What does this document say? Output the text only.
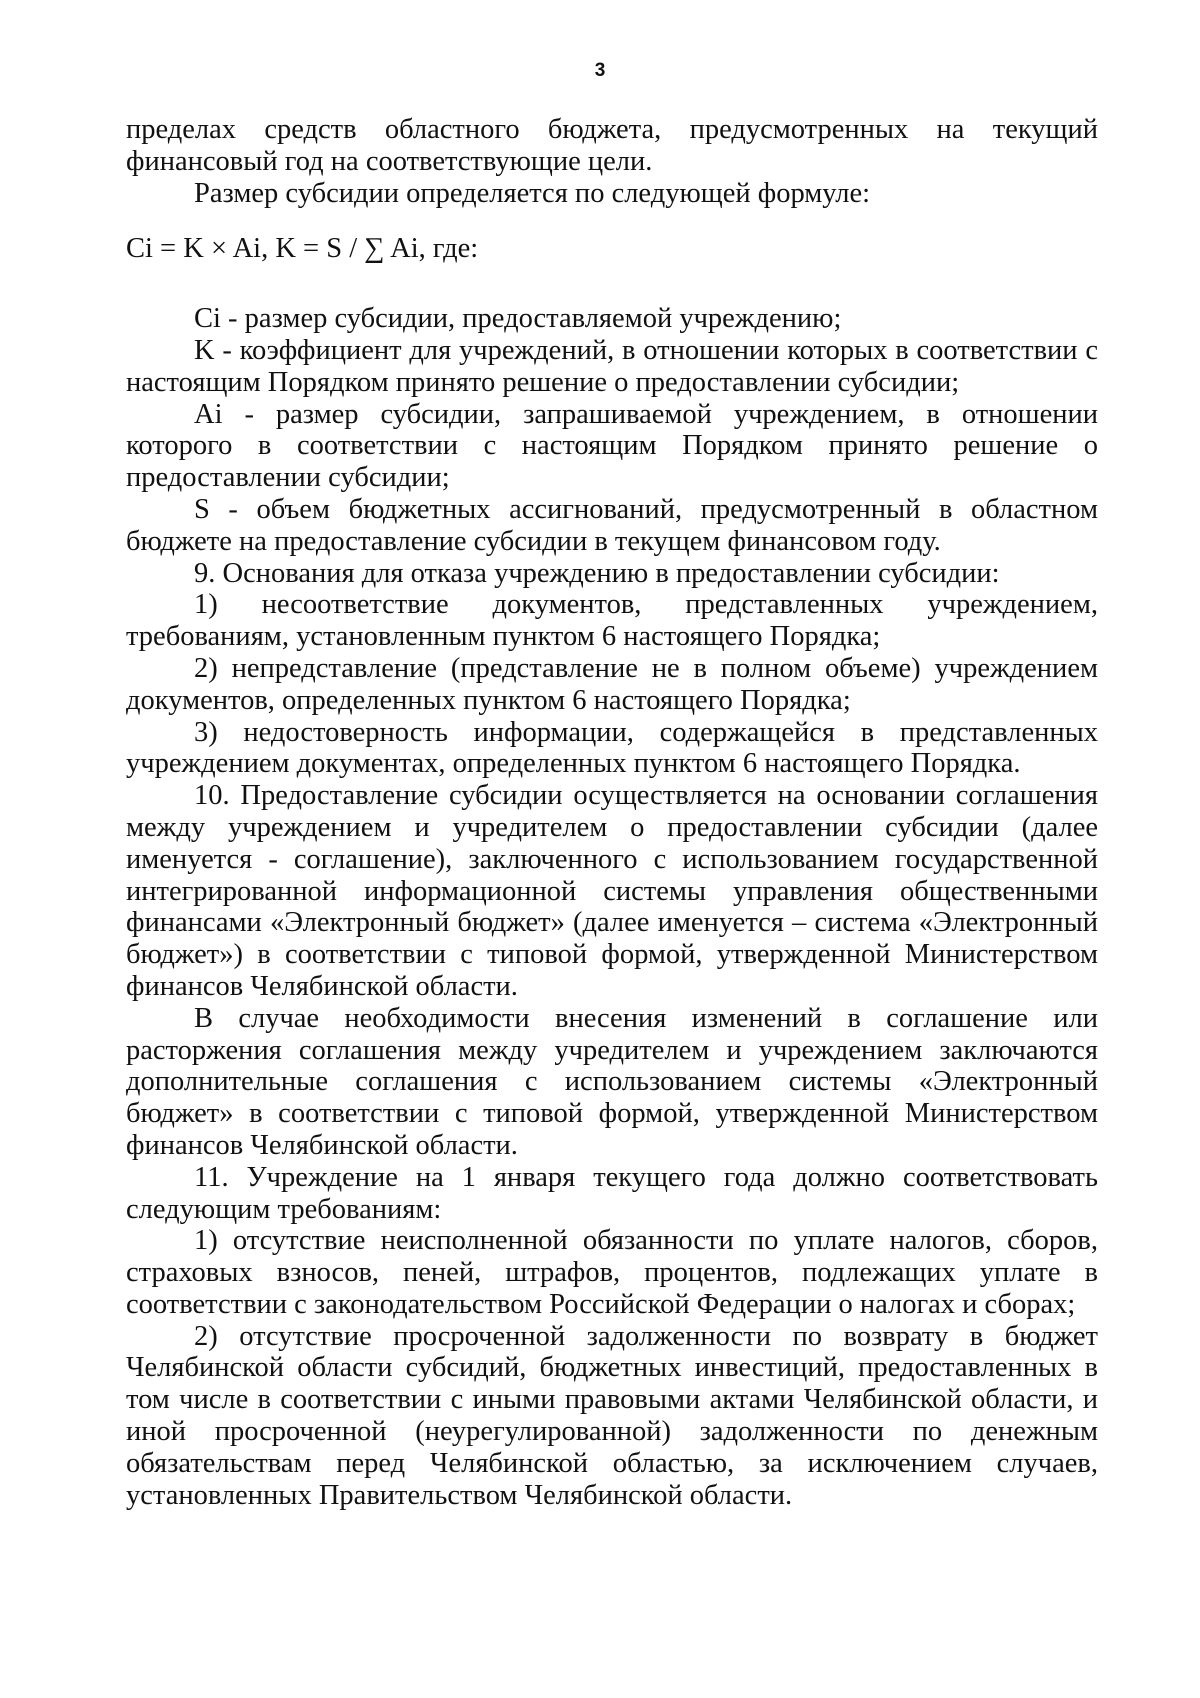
3

пределах средств областного бюджета, предусмотренных на текущий финансовый год на соответствующие цели.

Размер субсидии определяется по следующей формуле:

Ci = K × Ai, K = S / ∑ Ai, где:

Ci - размер субсидии, предоставляемой учреждению;

K - коэффициент для учреждений, в отношении которых в соответствии с настоящим Порядком принято решение о предоставлении субсидии;

Ai - размер субсидии, запрашиваемой учреждением, в отношении которого в соответствии с настоящим Порядком принято решение о предоставлении субсидии;

S - объем бюджетных ассигнований, предусмотренный в областном бюджете на предоставление субсидии в текущем финансовом году.

9. Основания для отказа учреждению в предоставлении субсидии:

1) несоответствие документов, представленных учреждением, требованиям, установленным пунктом 6 настоящего Порядка;

2) непредставление (представление не в полном объеме) учреждением документов, определенных пунктом 6 настоящего Порядка;

3) недостоверность информации, содержащейся в представленных учреждением документах, определенных пунктом 6 настоящего Порядка.

10. Предоставление субсидии осуществляется на основании соглашения между учреждением и учредителем о предоставлении субсидии (далее именуется - соглашение), заключенного с использованием государственной интегрированной информационной системы управления общественными финансами «Электронный бюджет» (далее именуется – система «Электронный бюджет») в соответствии с типовой формой, утвержденной Министерством финансов Челябинской области.

В случае необходимости внесения изменений в соглашение или расторжения соглашения между учредителем и учреждением заключаются дополнительные соглашения с использованием системы «Электронный бюджет» в соответствии с типовой формой, утвержденной Министерством финансов Челябинской области.

11. Учреждение на 1 января текущего года должно соответствовать следующим требованиям:

1) отсутствие неисполненной обязанности по уплате налогов, сборов, страховых взносов, пеней, штрафов, процентов, подлежащих уплате в соответствии с законодательством Российской Федерации о налогах и сборах;

2) отсутствие просроченной задолженности по возврату в бюджет Челябинской области субсидий, бюджетных инвестиций, предоставленных в том числе в соответствии с иными правовыми актами Челябинской области, и иной просроченной (неурегулированной) задолженности по денежным обязательствам перед Челябинской областью, за исключением случаев, установленных Правительством Челябинской области.
